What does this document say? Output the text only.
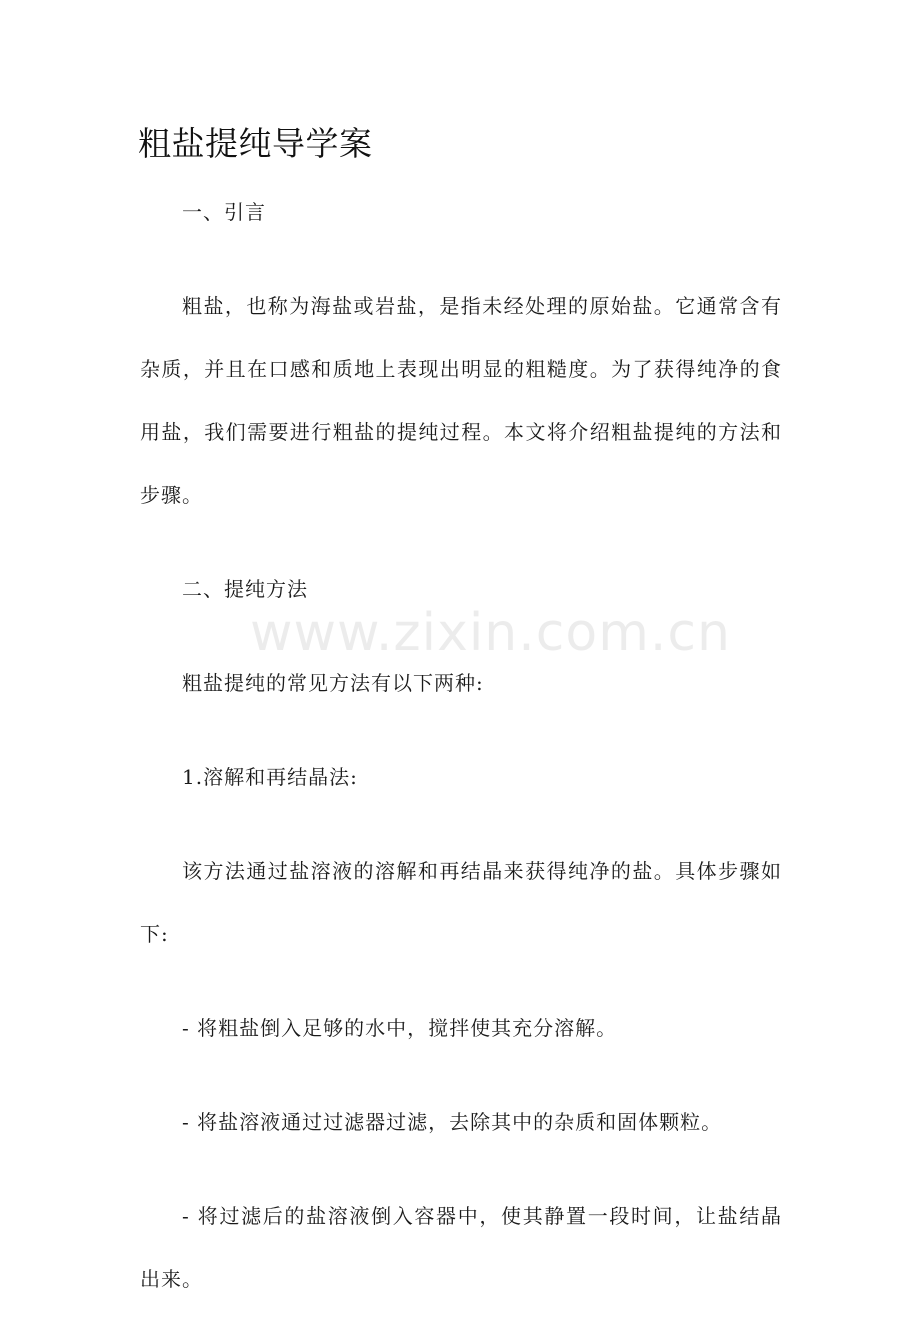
粗盐提纯导学案

一、引言

粗盐，也称为海盐或岩盐，是指未经处理的原始盐。它通常含有杂质，并且在口感和质地上表现出明显的粗糙度。为了获得纯净的食用盐，我们需要进行粗盐的提纯过程。本文将介绍粗盐提纯的方法和步骤。

二、提纯方法

粗盐提纯的常见方法有以下两种:

1.溶解和再结晶法:

该方法通过盐溶液的溶解和再结晶来获得纯净的盐。具体步骤如下:

- 将粗盐倒入足够的水中，搅拌使其充分溶解。

- 将盐溶液通过过滤器过滤，去除其中的杂质和固体颗粒。

- 将过滤后的盐溶液倒入容器中，使其静置一段时间，让盐结晶出来。

www.zixin.com.cn
